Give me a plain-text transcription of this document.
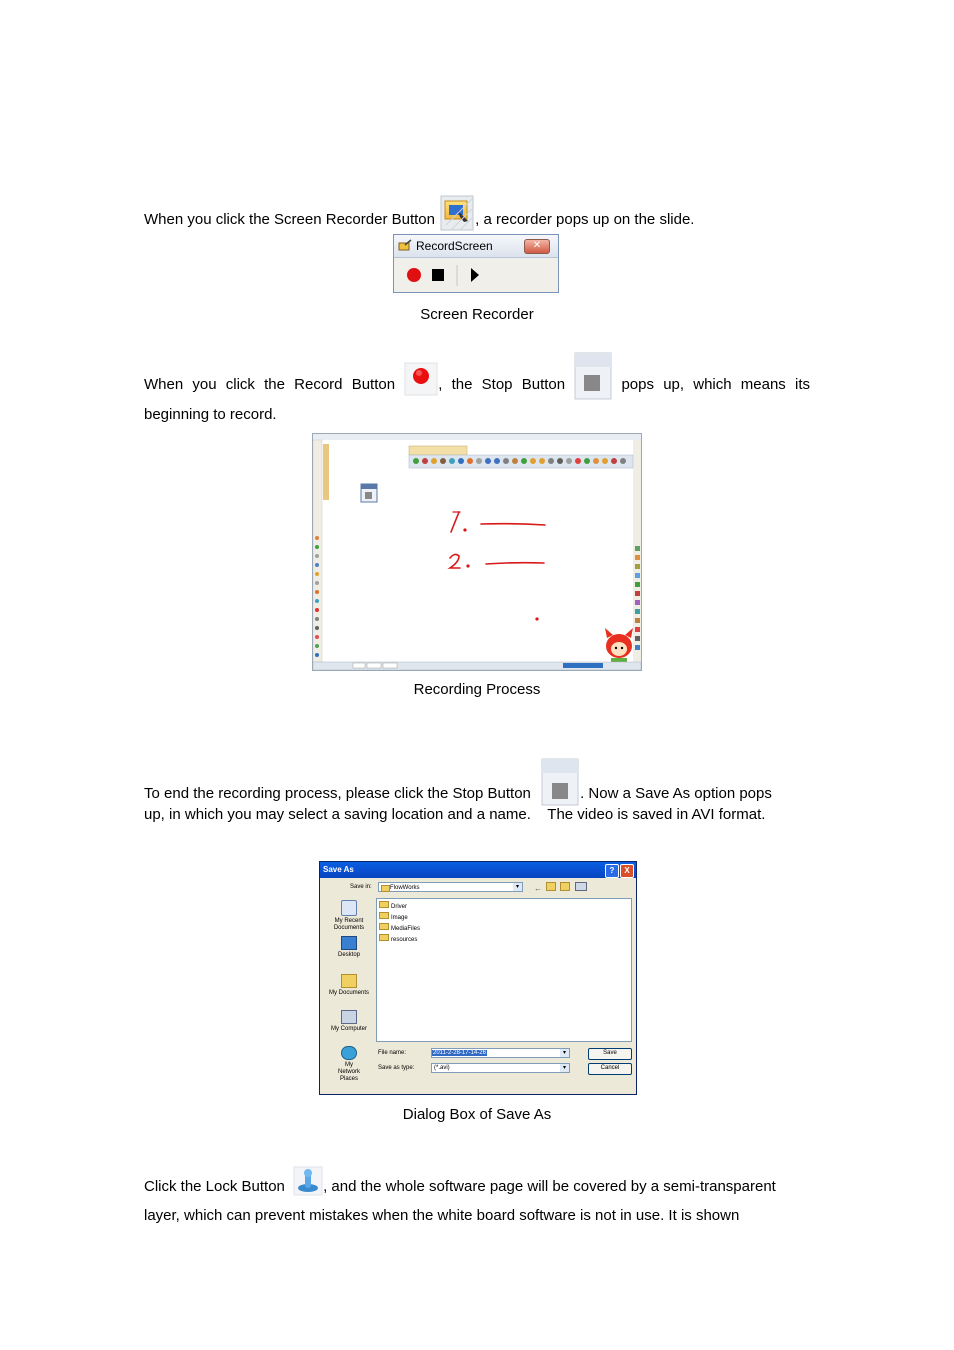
When you click the Screen Recorder Button	, a recorder pops up on the slide.
RecordScreen	✕
Screen Recorder
When you click the Record Button	, the Stop Button	pops up, which means its
beginning to record.
Recording Process
To end the recording process, please click the Stop Button	. Now a Save As option pops
up, in which you may select a saving location and a name.    The video is saved in AVI format.
Save As	?	X
Save in:	FlowWorks	▾	←
My Recent Documents
Desktop
My Documents
My Computer
My Network Places
Driver
Image
MediaFiles
resources
File name:	2011-2-28-17-14-26	▾
Save as type:	(*.avi)	▾
Save
Cancel
Dialog Box of Save As
Click the Lock Button	, and the whole software page will be covered by a semi-transparent
layer, which can prevent mistakes when the white board software is not in use. It is shown
